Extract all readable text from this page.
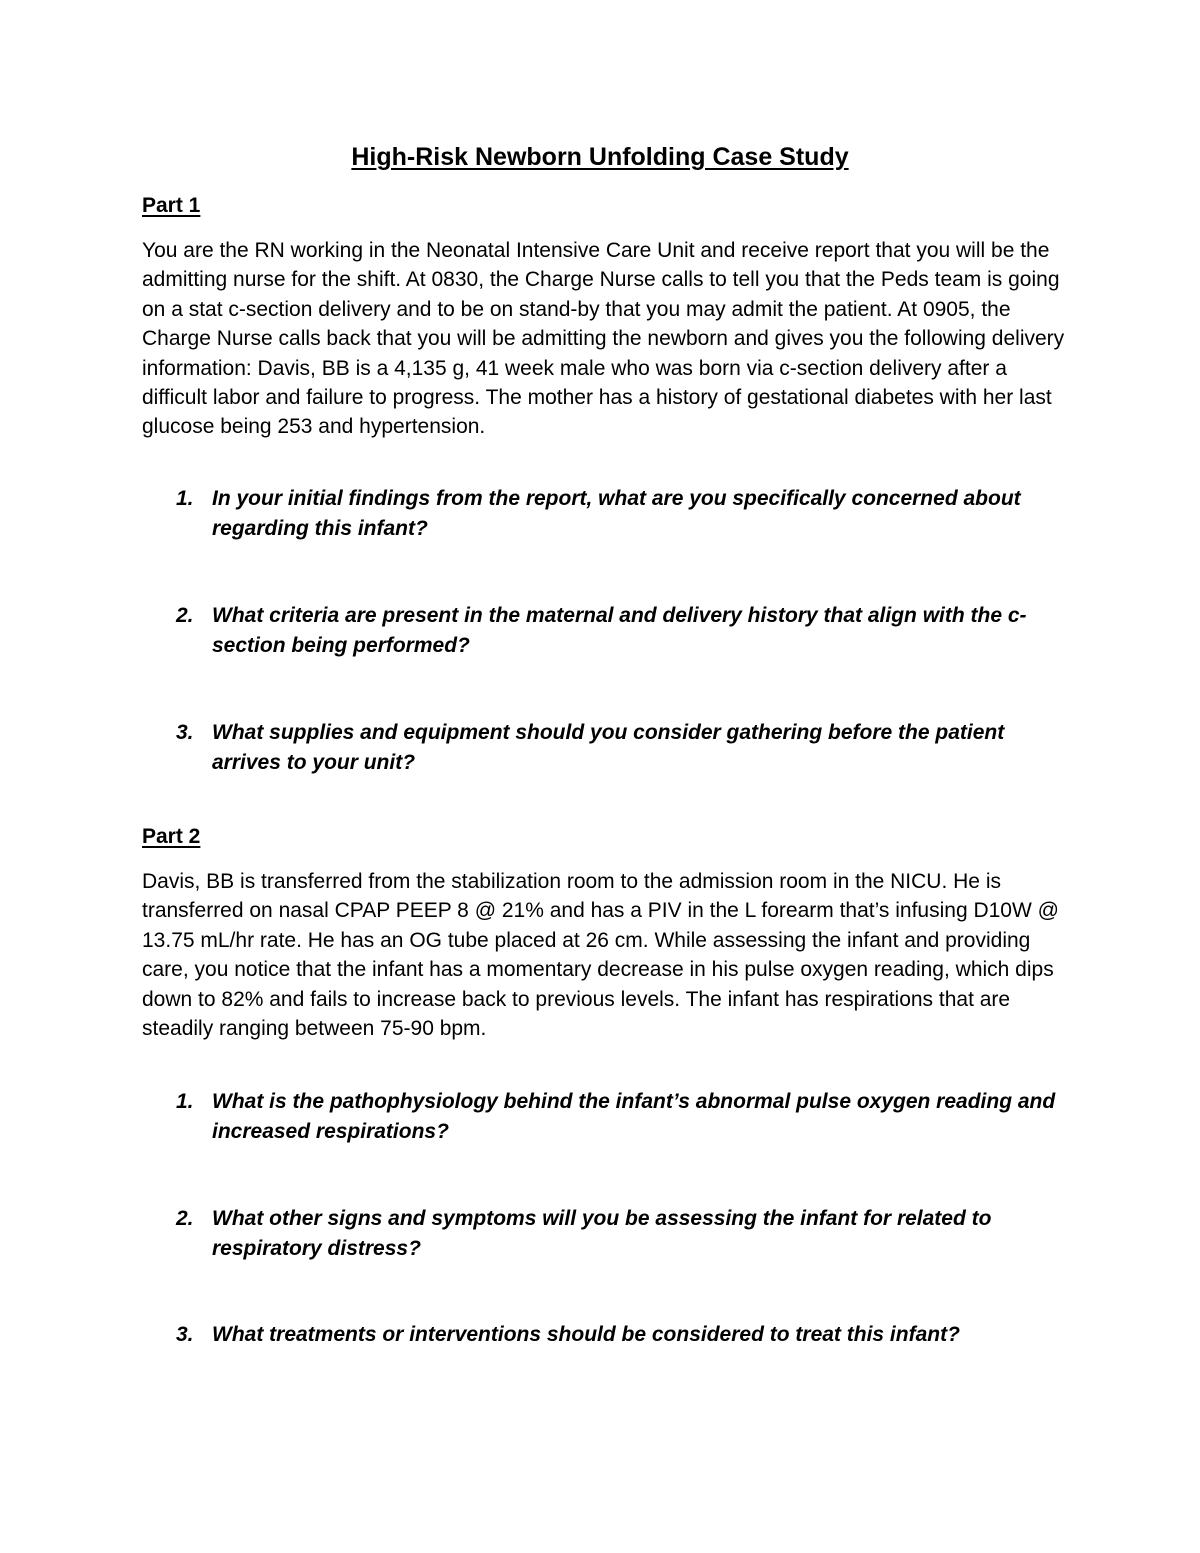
High-Risk Newborn Unfolding Case Study
Part 1

You are the RN working in the Neonatal Intensive Care Unit and receive report that you will be the admitting nurse for the shift. At 0830, the Charge Nurse calls to tell you that the Peds team is going on a stat c-section delivery and to be on stand-by that you may admit the patient. At 0905, the Charge Nurse calls back that you will be admitting the newborn and gives you the following delivery information: Davis, BB is a 4,135 g, 41 week male who was born via c-section delivery after a difficult labor and failure to progress. The mother has a history of gestational diabetes with her last glucose being 253 and hypertension.

1. In your initial findings from the report, what are you specifically concerned about regarding this infant?
2. What criteria are present in the maternal and delivery history that align with the c-section being performed?
3. What supplies and equipment should you consider gathering before the patient arrives to your unit?
Part 2

Davis, BB is transferred from the stabilization room to the admission room in the NICU. He is transferred on nasal CPAP PEEP 8 @ 21% and has a PIV in the L forearm that’s infusing D10W @ 13.75 mL/hr rate. He has an OG tube placed at 26 cm. While assessing the infant and providing care, you notice that the infant has a momentary decrease in his pulse oxygen reading, which dips down to 82% and fails to increase back to previous levels. The infant has respirations that are steadily ranging between 75-90 bpm.

1. What is the pathophysiology behind the infant’s abnormal pulse oxygen reading and increased respirations?
2. What other signs and symptoms will you be assessing the infant for related to respiratory distress?
3. What treatments or interventions should be considered to treat this infant?
